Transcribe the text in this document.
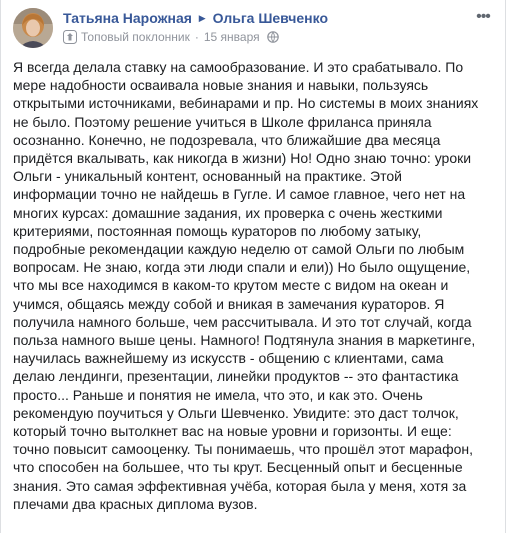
Татьяна Нарожная ▶ Ольга Шевченко
Топовый поклонник · 15 января
•••

Я всегда делала ставку на самообразование. И это срабатывало. По мере надобности осваивала новые знания и навыки, пользуясь открытыми источниками, вебинарами и пр. Но системы в моих знаниях не было. Поэтому решение учиться в Школе фриланса приняла осознанно. Конечно, не подозревала, что ближайшие два месяца придётся вкалывать, как никогда в жизни) Но! Одно знаю точно: уроки Ольги - уникальный контент, основанный на практике. Этой информации точно не найдешь в Гугле. И самое главное, чего нет на многих курсах: домашние задания, их проверка с очень жесткими критериями, постоянная помощь кураторов по любому затыку, подробные рекомендации каждую неделю от самой Ольги по любым вопросам. Не знаю, когда эти люди спали и ели)) Но было ощущение, что мы все находимся в каком-то крутом месте с видом на океан и учимся, общаясь между собой и вникая в замечания кураторов. Я получила намного больше, чем рассчитывала. И это тот случай, когда польза намного выше цены. Намного! Подтянула знания в маркетинге, научилась важнейшему из искусств - общению с клиентами, сама делаю лендинги, презентации, линейки продуктов -- это фантастика просто... Раньше и понятия не имела, что это, и как это. Очень рекомендую поучиться у Ольги Шевченко. Увидите: это даст толчок, который точно вытолкнет вас на новые уровни и горизонты. И еще: точно повысит самооценку. Ты понимаешь, что прошёл этот марафон, что способен на большее, что ты крут. Бесценный опыт и бесценные знания. Это самая эффективная учёба, которая была у меня, хотя за плечами два красных диплома вузов.
